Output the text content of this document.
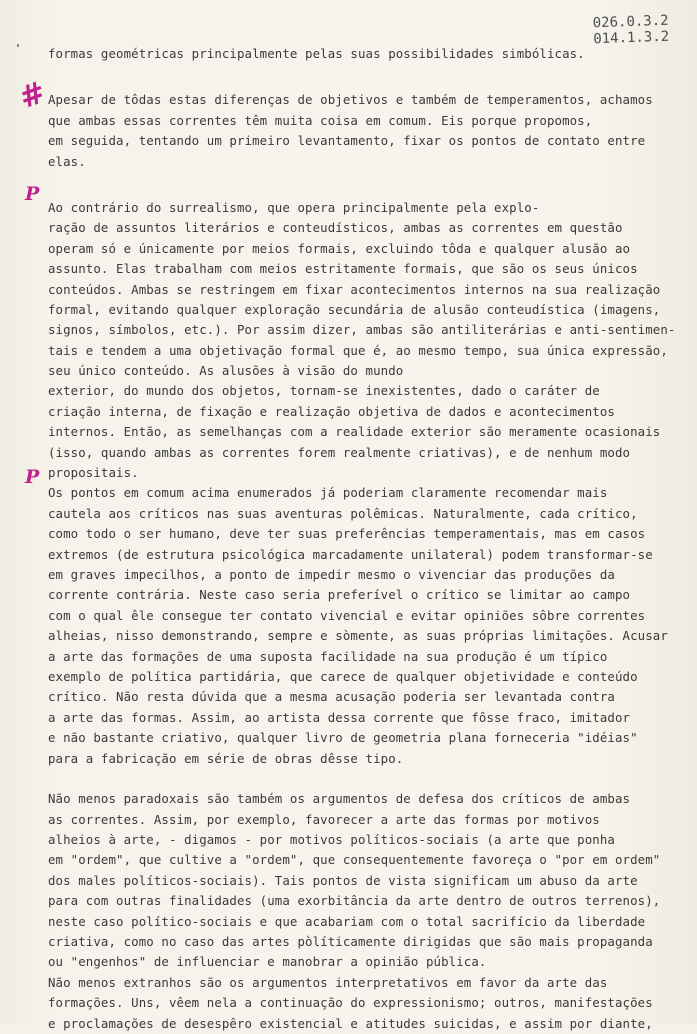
026.0.3.2
014.1.3.2
#
P
P
formas geométricas principalmente pelas suas possibilidades simbólicas.
Apesar de tôdas estas diferenças de objetivos e também de temperamentos, achamos
que ambas essas correntes têm muita coisa em comum. Eis porque propomos,
em seguida, tentando um primeiro levantamento, fixar os pontos de contato entre
elas.
Ao contrário do surrealismo, que opera principalmente pela explo-
ração de assuntos literários e conteudísticos, ambas as correntes em questão
operam só e únicamente por meios formais, excluindo tôda e qualquer alusão ao
assunto. Elas trabalham com meios estritamente formais, que são os seus únicos
conteúdos. Ambas se restringem em fixar acontecimentos internos na sua realização
formal, evitando qualquer exploração secundária de alusão conteudística (imagens,
signos, símbolos, etc.). Por assim dizer, ambas são antiliterárias e anti-sentimen-
tais e tendem a uma objetivação formal que é, ao mesmo tempo, sua única expressão,
seu único conteúdo. As alusões à visão do mundo
exterior, do mundo dos objetos, tornam-se inexistentes, dado o caráter de
criação interna, de fixação e realização objetiva de dados e acontecimentos
internos. Então, as semelhanças com a realidade exterior são meramente ocasionais
(isso, quando ambas as correntes forem realmente criativas), e de nenhum modo
propositais.
Os pontos em comum acima enumerados já poderiam claramente recomendar mais
cautela aos críticos nas suas aventuras polêmicas. Naturalmente, cada crítico,
como todo o ser humano, deve ter suas preferências temperamentais, mas em casos
extremos (de estrutura psicológica marcadamente unilateral) podem transformar-se
em graves impecilhos, a ponto de impedir mesmo o vivenciar das produções da
corrente contrária. Neste caso seria preferível o crítico se limitar ao campo
com o qual êle consegue ter contato vivencial e evitar opiniões sôbre correntes
alheias, nisso demonstrando, sempre e sòmente, as suas próprias limitações. Acusar
a arte das formações de uma suposta facilidade na sua produção é um típico
exemplo de política partidária, que carece de qualquer objetividade e conteúdo
crítico. Não resta dúvida que a mesma acusação poderia ser levantada contra
a arte das formas. Assim, ao artista dessa corrente que fôsse fraco, imitador
e não bastante criativo, qualquer livro de geometria plana forneceria "idéias"
para a fabricação em série de obras dêsse tipo.
Não menos paradoxais são também os argumentos de defesa dos críticos de ambas
as correntes. Assim, por exemplo, favorecer a arte das formas por motivos
alheios à arte, - digamos - por motivos políticos-sociais (a arte que ponha
em "ordem", que cultive a "ordem", que consequentemente favoreça o "por em ordem"
dos males políticos-sociais). Tais pontos de vista significam um abuso da arte
para com outras finalidades (uma exorbitância da arte dentro de outros terrenos),
neste caso político-sociais e que acabariam com o total sacrifício da liberdade
criativa, como no caso das artes pòlíticamente dirigidas que são mais propaganda
ou "engenhos" de influenciar e manobrar a opinião pública.
Não menos extranhos são os argumentos interpretativos em favor da arte das
formações. Uns, vêem nela a continuação do expressionismo; outros, manifestações
e proclamações de desespêro existencial e atitudes suicidas, e assim por diante,
